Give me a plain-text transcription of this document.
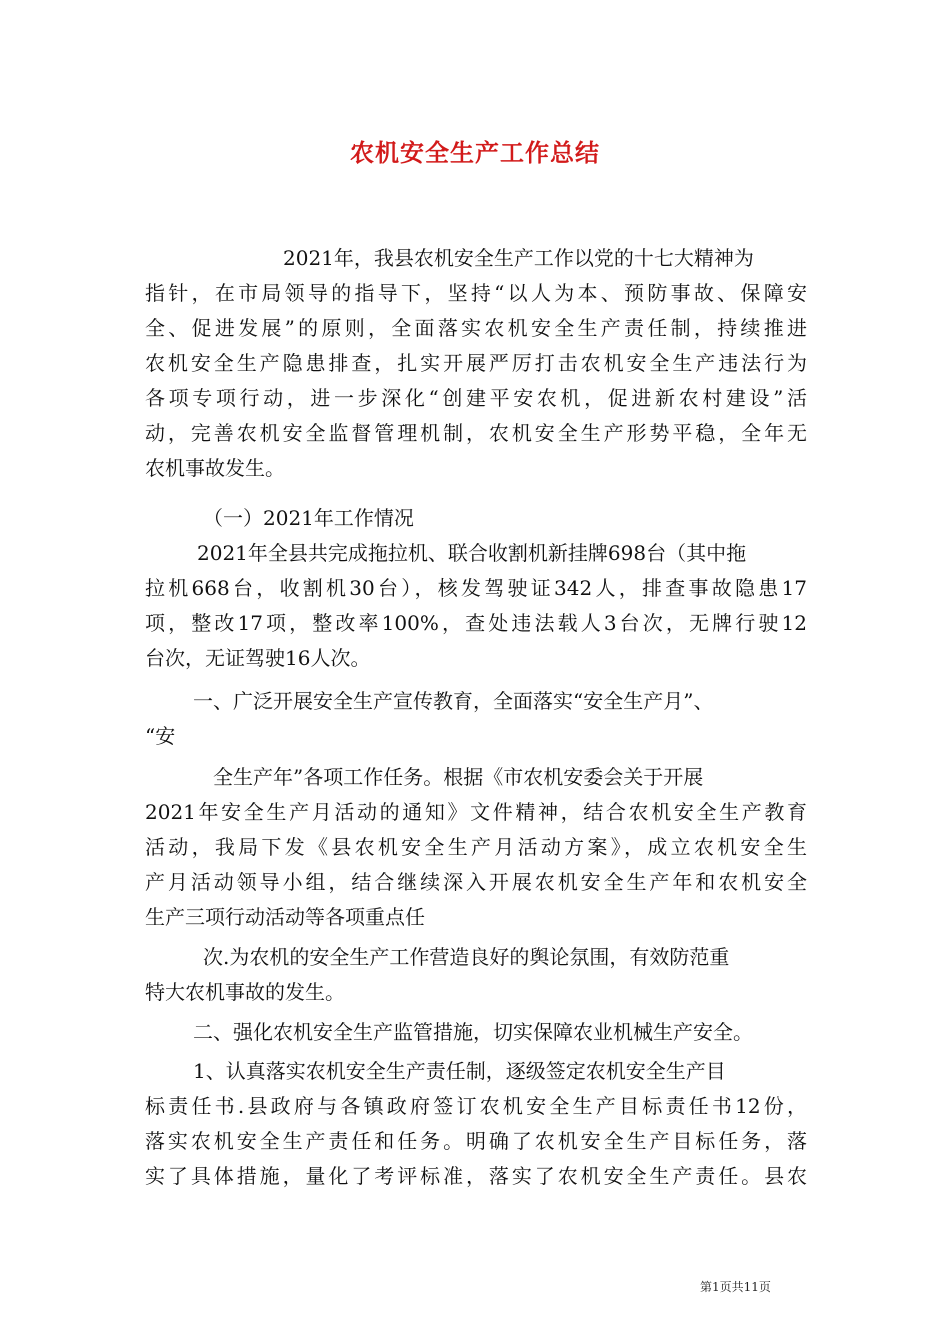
农机安全生产工作总结
2021年，我县农机安全生产工作以党的十七大精神为
指针，在市局领导的指导下，坚持“以人为本、预防事故、保障安
全、促进发展”的原则，全面落实农机安全生产责任制，持续推进
农机安全生产隐患排查，扎实开展严厉打击农机安全生产违法行为
各项专项行动，进一步深化“创建平安农机，促进新农村建设”活
动，完善农机安全监督管理机制，农机安全生产形势平稳，全年无
农机事故发生。
（一）2021年工作情况
2021年全县共完成拖拉机、联合收割机新挂牌698台（其中拖
拉机668台，收割机30台），核发驾驶证342人，排查事故隐患17
项，整改17项，整改率100%，查处违法载人3台次，无牌行驶12
台次，无证驾驶16人次。
一、广泛开展安全生产宣传教育，全面落实“安全生产月”、
“安
全生产年”各项工作任务。根据《市农机安委会关于开展
2021年安全生产月活动的通知》文件精神，结合农机安全生产教育
活动，我局下发《县农机安全生产月活动方案》，成立农机安全生
产月活动领导小组，结合继续深入开展农机安全生产年和农机安全
生产三项行动活动等各项重点任
次.为农机的安全生产工作营造良好的舆论氛围，有效防范重
特大农机事故的发生。
二、强化农机安全生产监管措施，切实保障农业机械生产安全。
1、认真落实农机安全生产责任制，逐级签定农机安全生产目
标责任书.县政府与各镇政府签订农机安全生产目标责任书12份，
落实农机安全生产责任和任务。明确了农机安全生产目标任务，落
实了具体措施，量化了考评标准，落实了农机安全生产责任。县农
第1页共11页
